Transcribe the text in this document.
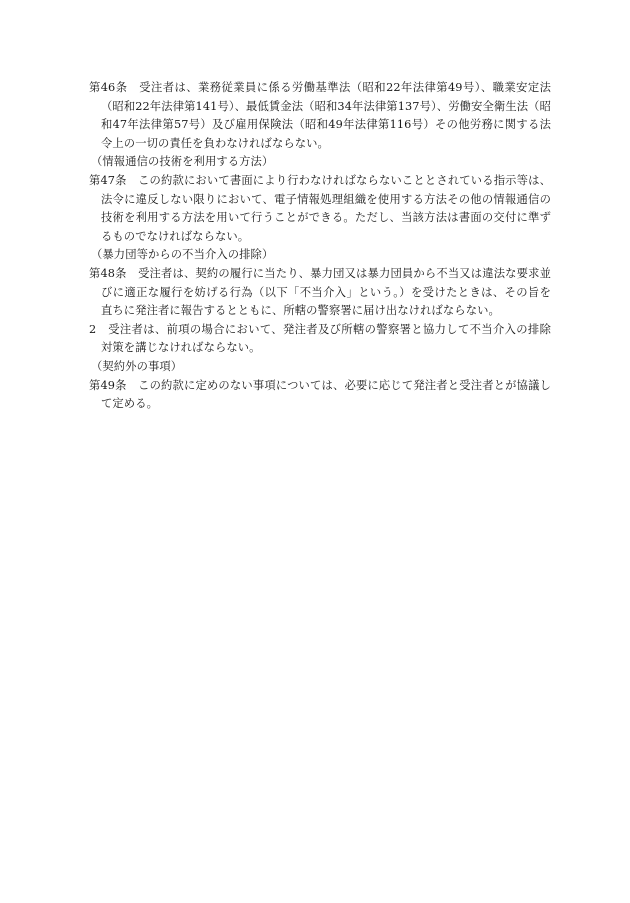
第46条　受注者は、業務従業員に係る労働基準法（昭和22年法律第49号）、職業安定法（昭和22年法律第141号）、最低賃金法（昭和34年法律第137号）、労働安全衛生法（昭和47年法律第57号）及び雇用保険法（昭和49年法律第116号）その他労務に関する法令上の一切の責任を負わなければならない。

（情報通信の技術を利用する方法）

第47条　この約款において書面により行わなければならないこととされている指示等は、法令に違反しない限りにおいて、電子情報処理組織を使用する方法その他の情報通信の技術を利用する方法を用いて行うことができる。ただし、当該方法は書面の交付に準ずるものでなければならない。

（暴力団等からの不当介入の排除）

第48条　受注者は、契約の履行に当たり、暴力団又は暴力団員から不当又は違法な要求並びに適正な履行を妨げる行為（以下「不当介入」という。）を受けたときは、その旨を直ちに発注者に報告するとともに、所轄の警察署に届け出なければならない。

2　受注者は、前項の場合において、発注者及び所轄の警察署と協力して不当介入の排除対策を講じなければならない。

（契約外の事項）

第49条　この約款に定めのない事項については、必要に応じて発注者と受注者とが協議して定める。
